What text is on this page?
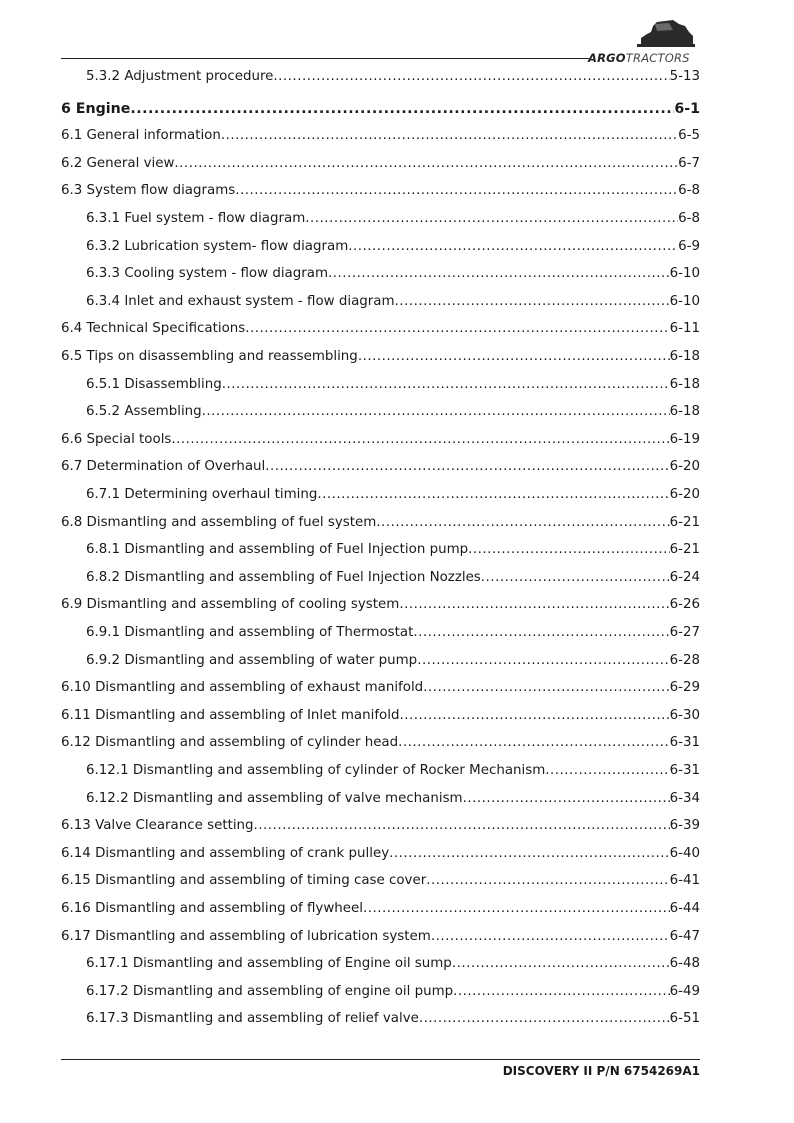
ARGOTRACTORS
5.3.2 Adjustment procedure .....	5-13
6 Engine .....	6-1
6.1 General information .....	6-5
6.2 General view .....	6-7
6.3 System flow diagrams .....	6-8
6.3.1 Fuel system - flow diagram .....	6-8
6.3.2 Lubrication system- flow diagram .....	6-9
6.3.3 Cooling system - flow diagram .....	6-10
6.3.4 Inlet and exhaust system - flow diagram .....	6-10
6.4 Technical Specifications .....	6-11
6.5 Tips on disassembling and reassembling .....	6-18
6.5.1 Disassembling .....	6-18
6.5.2 Assembling .....	6-18
6.6 Special tools .....	6-19
6.7 Determination of Overhaul .....	6-20
6.7.1 Determining overhaul timing .....	6-20
6.8 Dismantling and assembling of fuel system .....	6-21
6.8.1 Dismantling and assembling of Fuel Injection pump .....	6-21
6.8.2 Dismantling and assembling of Fuel Injection Nozzles .....	6-24
6.9 Dismantling and assembling of cooling system .....	6-26
6.9.1 Dismantling and assembling of Thermostat .....	6-27
6.9.2 Dismantling and assembling of water pump .....	6-28
6.10 Dismantling and assembling of exhaust manifold .....	6-29
6.11 Dismantling and assembling of Inlet manifold .....	6-30
6.12 Dismantling and assembling of cylinder head .....	6-31
6.12.1 Dismantling and assembling of cylinder of Rocker Mechanism .....	6-31
6.12.2 Dismantling and assembling of valve mechanism .....	6-34
6.13 Valve Clearance setting .....	6-39
6.14 Dismantling and assembling of crank pulley .....	6-40
6.15 Dismantling and assembling of timing case cover .....	6-41
6.16 Dismantling and assembling of flywheel .....	6-44
6.17 Dismantling and assembling of lubrication system .....	6-47
6.17.1 Dismantling and assembling of Engine oil sump .....	6-48
6.17.2 Dismantling and assembling of engine oil pump .....	6-49
6.17.3 Dismantling and assembling of relief valve .....	6-51
DISCOVERY II P/N 6754269A1
